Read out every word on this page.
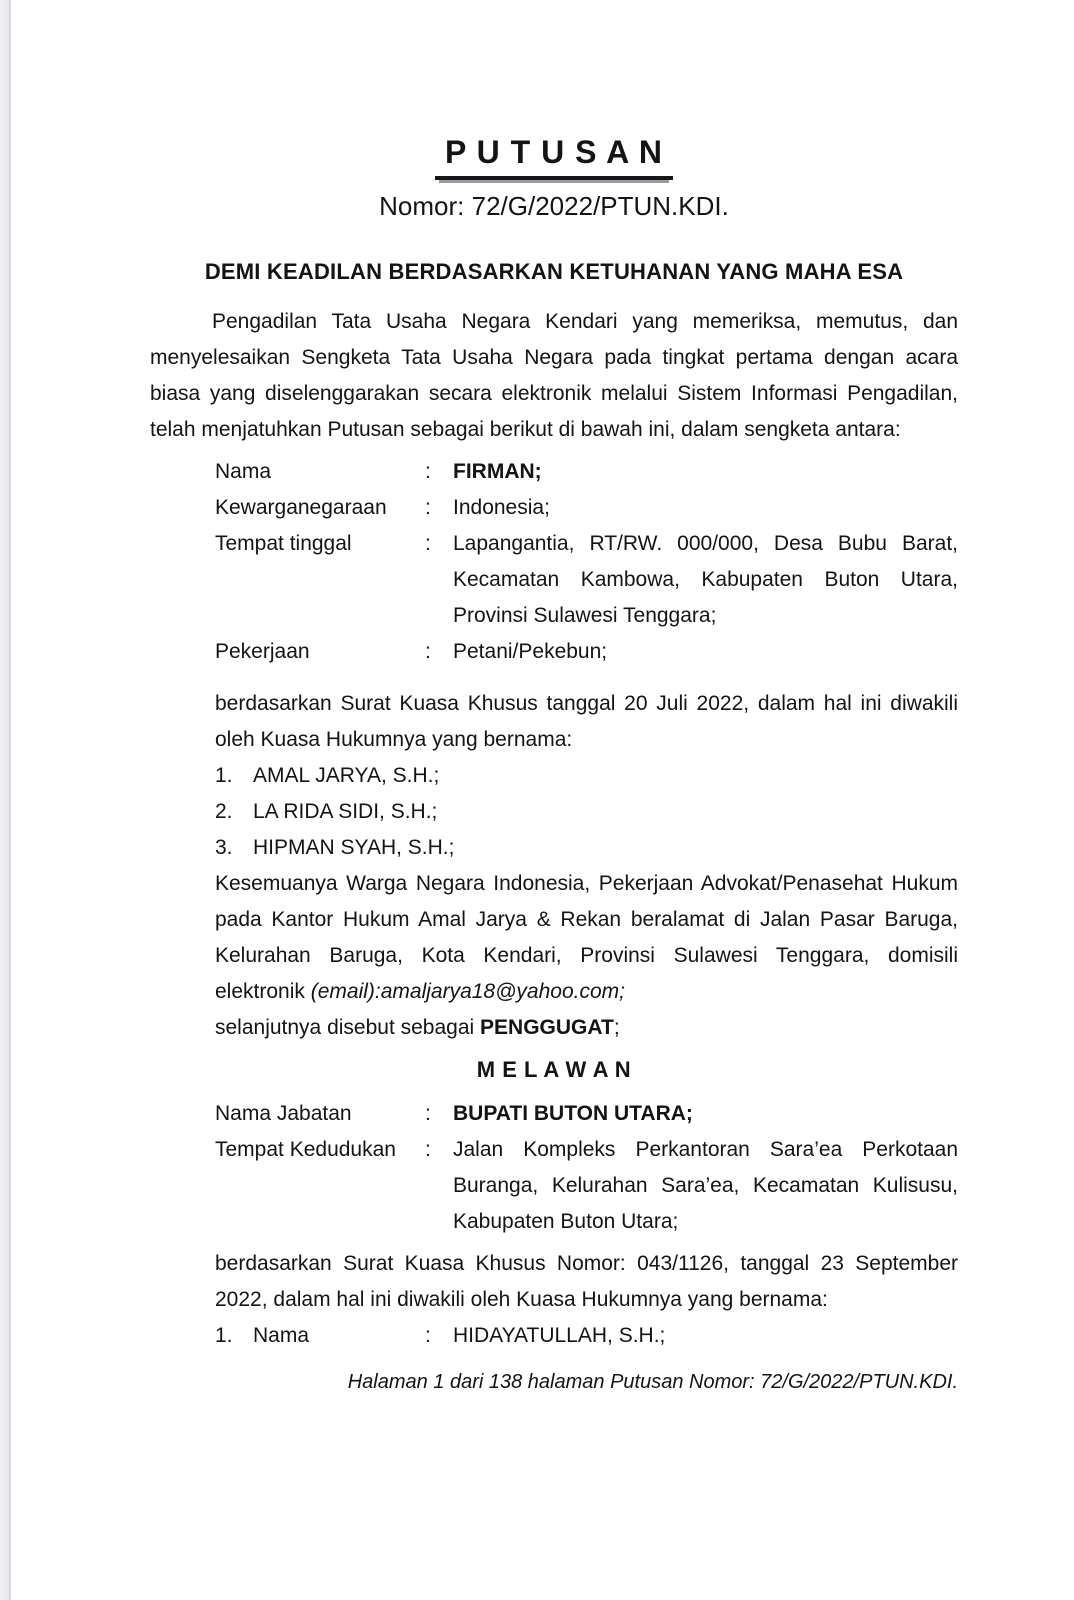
P U T U S A N
Nomor: 72/G/2022/PTUN.KDI.
DEMI KEADILAN BERDASARKAN KETUHANAN YANG MAHA ESA

Pengadilan Tata Usaha Negara Kendari yang memeriksa, memutus, dan menyelesaikan Sengketa Tata Usaha Negara pada tingkat pertama dengan acara biasa yang diselenggarakan secara elektronik melalui Sistem Informasi Pengadilan, telah menjatuhkan Putusan sebagai berikut di bawah ini, dalam sengketa antara:

Nama	:	FIRMAN;
Kewarganegaraan	:	Indonesia;
Tempat tinggal	:	Lapangantia, RT/RW. 000/000, Desa Bubu Barat, Kecamatan Kambowa, Kabupaten Buton Utara, Provinsi Sulawesi Tenggara;
Pekerjaan	:	Petani/Pekebun;

berdasarkan Surat Kuasa Khusus tanggal 20 Juli 2022, dalam hal ini diwakili oleh Kuasa Hukumnya yang bernama:

1. AMAL JARYA, S.H.;
2. LA RIDA SIDI, S.H.;
3. HIPMAN SYAH, S.H.;

Kesemuanya Warga Negara Indonesia, Pekerjaan Advokat/Penasehat Hukum pada Kantor Hukum Amal Jarya & Rekan beralamat di Jalan Pasar Baruga, Kelurahan Baruga, Kota Kendari, Provinsi Sulawesi Tenggara, domisili elektronik (email):amaljarya18@yahoo.com;

selanjutnya disebut sebagai PENGGUGAT;

M E L A W A N
Nama Jabatan	:	BUPATI BUTON UTARA;
Tempat Kedudukan	:	Jalan Kompleks Perkantoran Sara’ea Perkotaan Buranga, Kelurahan Sara’ea, Kecamatan Kulisusu, Kabupaten Buton Utara;

berdasarkan Surat Kuasa Khusus Nomor: 043/1126, tanggal 23 September 2022, dalam hal ini diwakili oleh Kuasa Hukumnya yang bernama:

1. Nama	:	HIDAYATULLAH, S.H.;
Halaman 1 dari 138 halaman Putusan Nomor: 72/G/2022/PTUN.KDI.
